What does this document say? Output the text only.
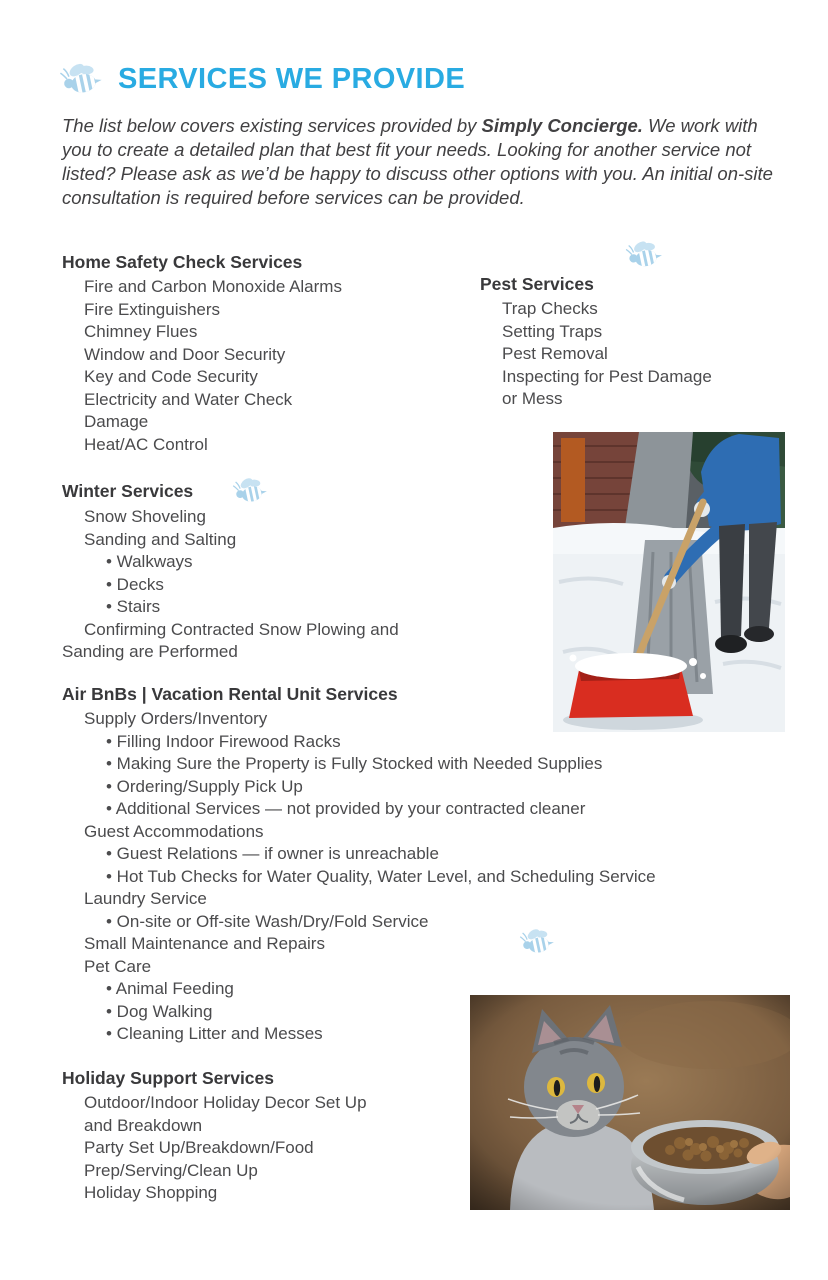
SERVICES WE PROVIDE

The list below covers existing services provided by Simply Concierge. We work with you to create a detailed plan that best fit your needs. Looking for another service not listed? Please ask as we’d be happy to discuss other options with you. An initial on-site consultation is required before services can be provided.

Home Safety Check Services
Fire and Carbon Monoxide Alarms
Fire Extinguishers
Chimney Flues
Window and Door Security
Key and Code Security
Electricity and Water Check Damage
Heat/AC Control
Pest Services
Trap Checks
Setting Traps
Pest Removal
Inspecting for Pest Damage or Mess
Winter Services
Snow Shoveling
Sanding and Salting
• Walkways
• Decks
• Stairs
Confirming Contracted Snow Plowing and Sanding are Performed
Air BnBs | Vacation Rental Unit Services
Supply Orders/Inventory
• Filling Indoor Firewood Racks
• Making Sure the Property is Fully Stocked with Needed Supplies
• Ordering/Supply Pick Up
• Additional Services — not provided by your contracted cleaner
Guest Accommodations
• Guest Relations — if owner is unreachable
• Hot Tub Checks for Water Quality, Water Level, and Scheduling Service
Laundry Service
• On-site or Off-site Wash/Dry/Fold Service
Small Maintenance and Repairs
Pet Care
• Animal Feeding
• Dog Walking
• Cleaning Litter and Messes
Holiday Support Services
Outdoor/Indoor Holiday Decor Set Up and Breakdown
Party Set Up/Breakdown/Food Prep/Serving/Clean Up
Holiday Shopping
